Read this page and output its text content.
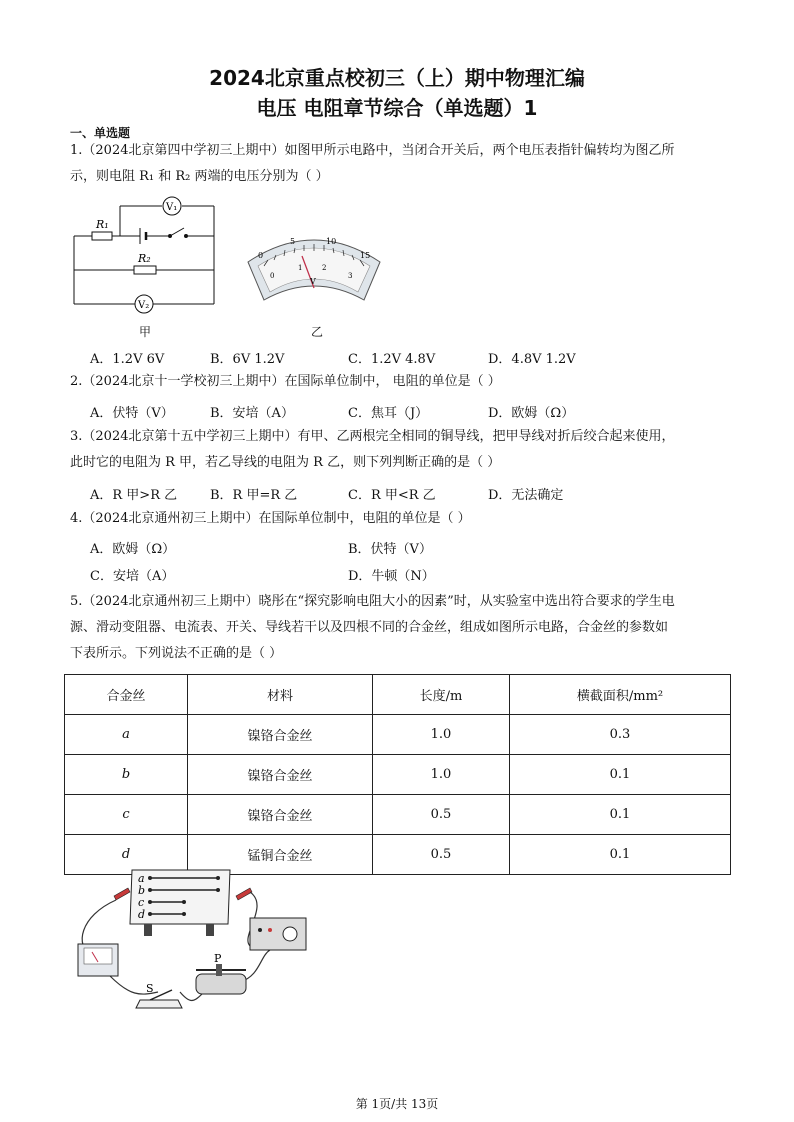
2024北京重点校初三（上）期中物理汇编
电压 电阻章节综合（单选题）1
一、单选题
1.（2024北京第四中学初三上期中）如图甲所示电路中，当闭合开关后，两个电压表指针偏转均为图乙所
示，则电阻 R₁ 和 R₂ 两端的电压分别为（ ）
R₁
R₂
V₁
V₂
0
5	10
15
0
1	2
3
V
甲	乙
A．1.2V 6V	B．6V 1.2V	C．1.2V 4.8V	D．4.8V 1.2V
2.（2024北京十一学校初三上期中）在国际单位制中， 电阻的单位是（ ）
A．伏特（V）	B．安培（A）	C．焦耳（J）	D．欧姆（Ω）
3.（2024北京第十五中学初三上期中）有甲、乙两根完全相同的铜导线，把甲导线对折后绞合起来使用，
此时它的电阻为 R 甲，若乙导线的电阻为 R 乙，则下列判断正确的是（ ）
A．R 甲>R 乙	B．R 甲=R 乙	C．R 甲<R 乙	D．无法确定
4.（2024北京通州初三上期中）在国际单位制中，电阻的单位是（ ）
A．欧姆（Ω）	B．伏特（V）
C．安培（A）	D．牛顿（N）
5.（2024北京通州初三上期中）晓彤在“探究影响电阻大小的因素”时，从实验室中选出符合要求的学生电
源、滑动变阻器、电流表、开关、导线若干以及四根不同的合金丝，组成如图所示电路，合金丝的参数如
下表所示。下列说法不正确的是（ ）
合金丝	材料	长度/m	横截面积/mm²
a	镍铬合金丝	1.0	0.3
b	镍铬合金丝	1.0	0.1
c	镍铬合金丝	0.5	0.1
d	锰铜合金丝	0.5	0.1
a
b
c
d
S
P
第 1页/共 13页
